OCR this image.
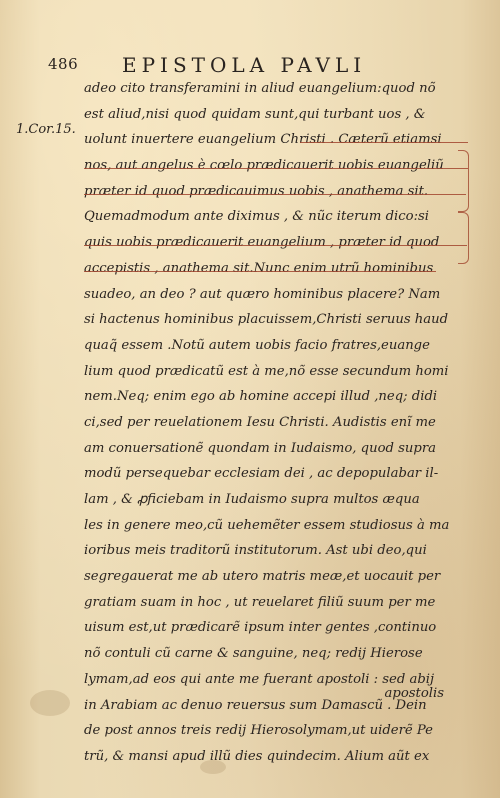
486 EPISTOLA PAVLI
1.Cor.15.
adeo cito transferamini in aliud euangelium:quod nõ
est aliud,nisi quod quidam sunt,qui turbant uos , &
uolunt inuertere euangelium Christi . Cæterũ etiamsi
nos, aut angelus è cœlo prædicauerit uobis euangeliũ
præter id quod prædicauimus uobis , anathema sit.
Quemadmodum ante diximus , & nũc iterum dico:si
quis uobis prædicauerit euangelium , præter id quod
accepistis , anathema sit.Nunc enim utrũ hominibus
suadeo, an deo ? aut quæro hominibus placere? Nam
si hactenus hominibus placuissem,Christi seruus haud
quaq̃ essem .Notũ autem uobis facio fratres,euange
lium quod prædicatũ est à me,nõ esse secundum homi
nem.Neq; enim ego ab homine accepi illud ,neq; didi
ci,sed per reuelationem Iesu Christi. Audistis enĩ me
am conuersationẽ quondam in Iudaismo, quod supra
modũ persequebar ecclesiam dei , ac depopulabar il-
lam , & ꝓficiebam in Iudaismo supra multos æqua
les in genere meo,cũ uehemẽter essem studiosus à ma
ioribus meis traditorũ institutorum. Ast ubi deo,qui
segregauerat me ab utero matris meæ,et uocauit per
gratiam suam in hoc , ut reuelaret filiũ suum per me
uisum est,ut prædicarẽ ipsum inter gentes ,continuo
nõ contuli cũ carne & sanguine, neq; redij Hierose
lymam,ad eos qui ante me fuerant apostoli : sed abij
in Arabiam ac denuo reuersus sum Damascũ . Dein
de post annos treis redij Hierosolymam,ut uiderẽ Pe
trũ, & mansi apud illũ dies quindecim. Alium aũt ex
apostolis
